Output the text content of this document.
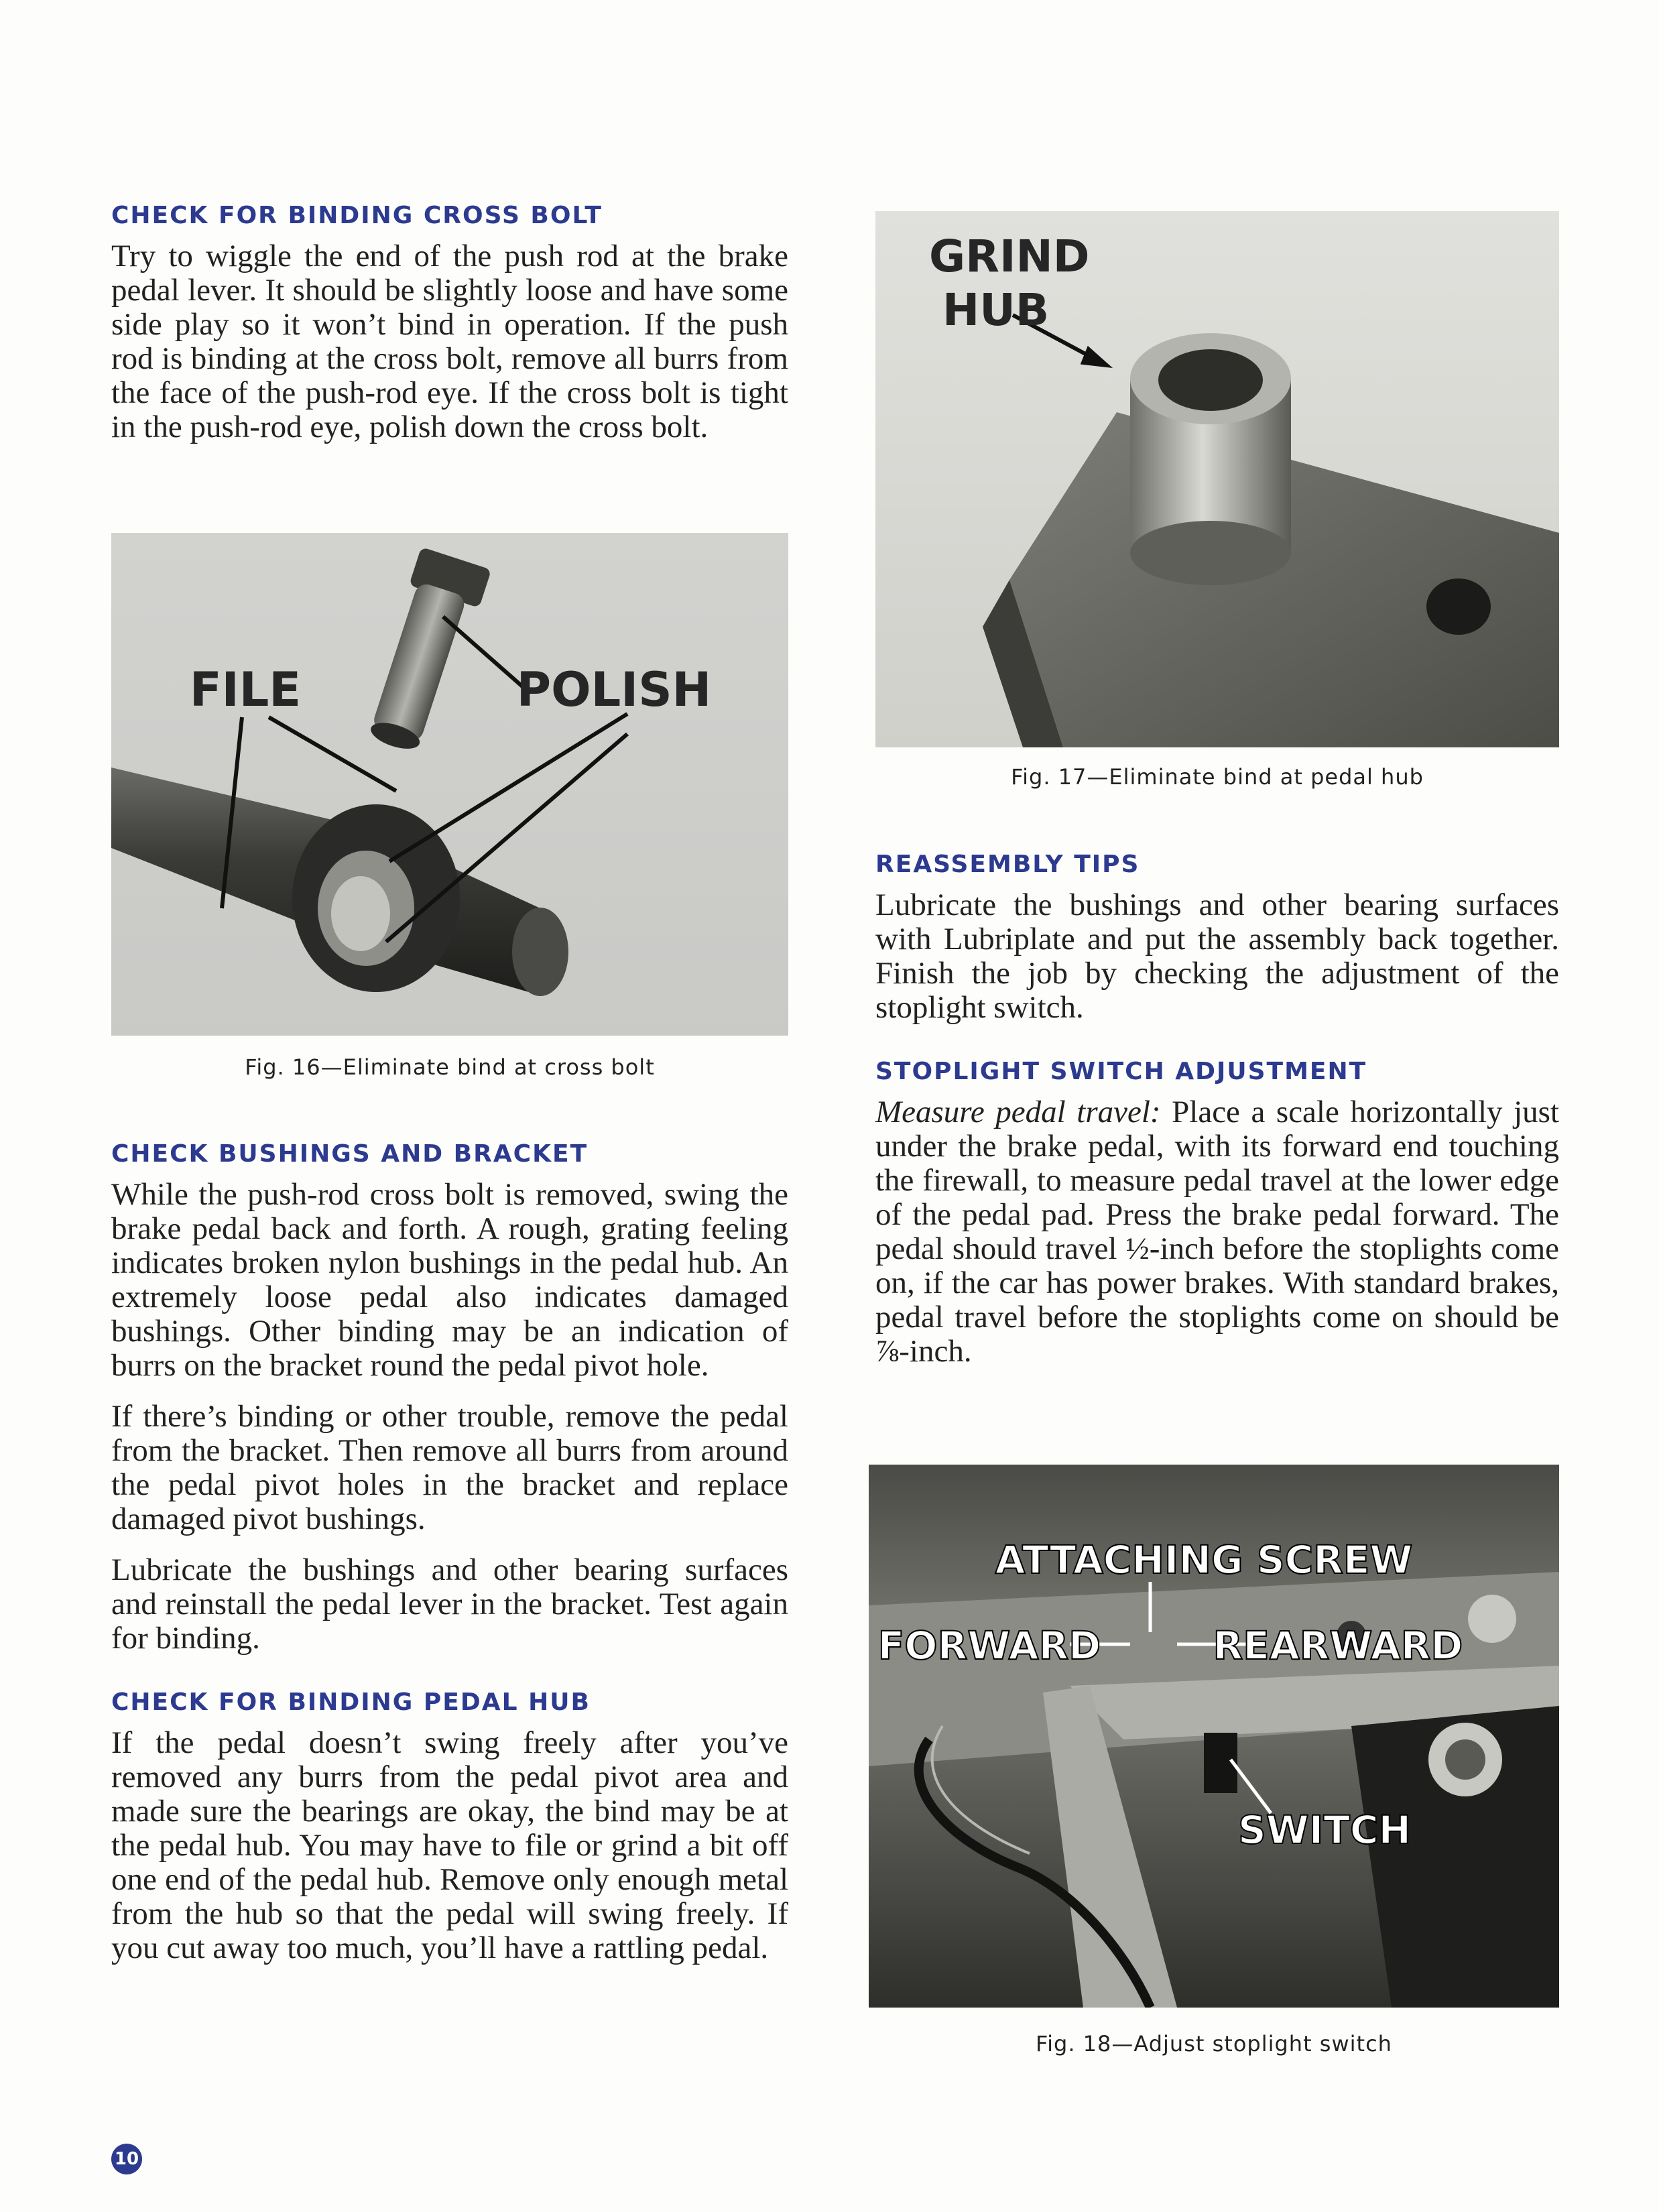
CHECK FOR BINDING CROSS BOLT

Try to wiggle the end of the push rod at the brake pedal lever. It should be slightly loose and have some side play so it won’t bind in operation. If the push rod is binding at the cross bolt, remove all burrs from the face of the push-rod eye. If the cross bolt is tight in the push-rod eye, polish down the cross bolt.

FILE	POLISH

Fig. 16—Eliminate bind at cross bolt

CHECK BUSHINGS AND BRACKET

While the push-rod cross bolt is removed, swing the brake pedal back and forth. A rough, grating feeling indicates broken nylon bushings in the pedal hub. An extremely loose pedal also indicates damaged bushings. Other binding may be an indication of burrs on the bracket round the pedal pivot hole.

If there’s binding or other trouble, remove the pedal from the bracket. Then remove all burrs from around the pedal pivot holes in the bracket and replace damaged pivot bushings.

Lubricate the bushings and other bearing surfaces and reinstall the pedal lever in the bracket. Test again for binding.

CHECK FOR BINDING PEDAL HUB

If the pedal doesn’t swing freely after you’ve removed any burrs from the pedal pivot area and made sure the bearings are okay, the bind may be at the pedal hub. You may have to file or grind a bit off one end of the pedal hub. Remove only enough metal from the hub so that the pedal will swing freely. If you cut away too much, you’ll have a rattling pedal.

GRIND
HUB

Fig. 17—Eliminate bind at pedal hub

REASSEMBLY TIPS

Lubricate the bushings and other bearing surfaces with Lubriplate and put the assembly back together. Finish the job by checking the adjustment of the stoplight switch.

STOPLIGHT SWITCH ADJUSTMENT

Measure pedal travel: Place a scale horizontally just under the brake pedal, with its forward end touching the firewall, to measure pedal travel at the lower edge of the pedal pad. Press the brake pedal forward. The pedal should travel ½-inch before the stoplights come on, if the car has power brakes. With standard brakes, pedal travel before the stoplights come on should be ⅞-inch.

ATTACHING SCREW
FORWARD	REARWARD
SWITCH

Fig. 18—Adjust stoplight switch

10
